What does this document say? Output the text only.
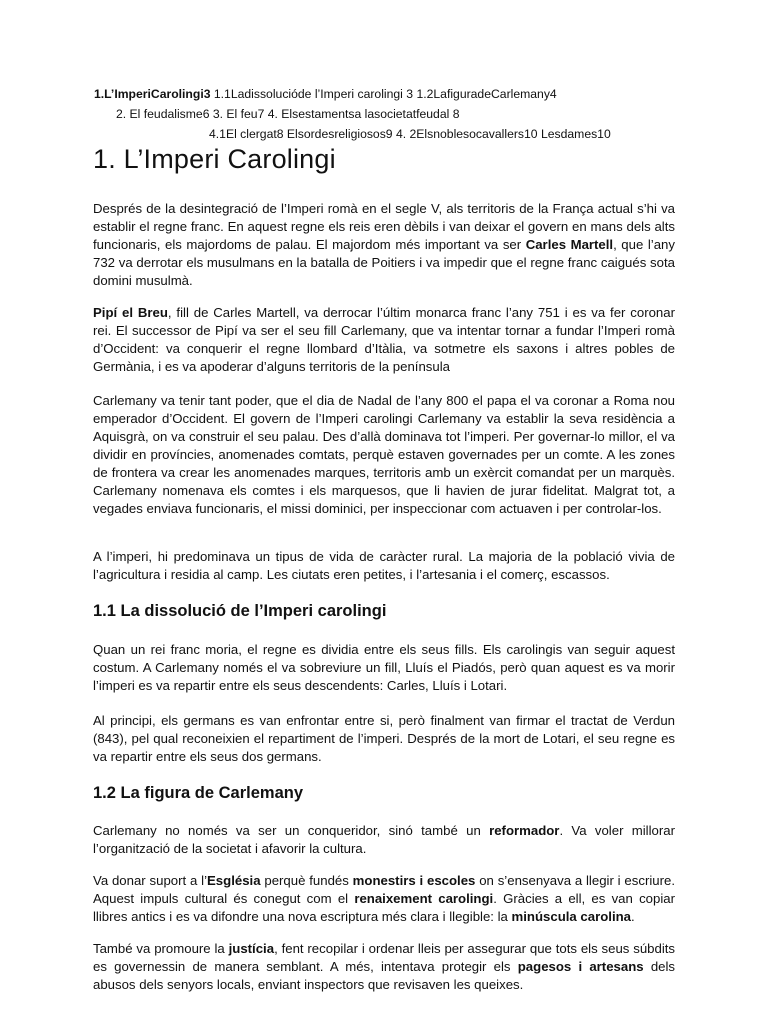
1.L’ImperiCarolingi3 1.1Ladissolucióde l’Imperi carolingi 3 1.2LafiguradeCarlemany4
2. El feudalisme6 3. El feu7 4. Elsestamentsa lasocietatfeudal 8
4.1El clergat8 Elsordesreligiosos9 4. 2Elsnoblesocavallers10 Lesdames10
1. L’Imperi Carolingi

Després de la desintegració de l’Imperi romà en el segle V, als territoris de la França actual s’hi va establir el regne franc. En aquest regne els reis eren dèbils i van deixar el govern en mans dels alts funcionaris, els majordoms de palau. El majordom més important va ser Carles Martell, que l’any 732 va derrotar els musulmans en la batalla de Poitiers i va impedir que el regne franc caigués sota domini musulmà.

Pipí el Breu, fill de Carles Martell, va derrocar l’últim monarca franc l’any 751 i es va fer coronar rei. El successor de Pipí va ser el seu fill Carlemany, que va intentar tornar a fundar l’Imperi romà d’Occident: va conquerir el regne llombard d’Itàlia, va sotmetre els saxons i altres pobles de Germània, i es va apoderar d’alguns territoris de la península

Carlemany va tenir tant poder, que el dia de Nadal de l’any 800 el papa el va coronar a Roma nou emperador d’Occident. El govern de l’Imperi carolingi Carlemany va establir la seva residència a Aquisgrà, on va construir el seu palau. Des d’allà dominava tot l’imperi. Per governar-lo millor, el va dividir en províncies, anomenades comtats, perquè estaven governades per un comte. A les zones de frontera va crear les anomenades marques, territoris amb un exèrcit comandat per un marquès. Carlemany nomenava els comtes i els marquesos, que li havien de jurar fidelitat. Malgrat tot, a vegades enviava funcionaris, el missi dominici, per inspeccionar com actuaven i per controlar-los.

A l’imperi, hi predominava un tipus de vida de caràcter rural. La majoria de la població vivia de l’agricultura i residia al camp. Les ciutats eren petites, i l’artesania i el comerç, escassos.

1.1 La dissolució de l’Imperi carolingi

Quan un rei franc moria, el regne es dividia entre els seus fills. Els carolingis van seguir aquest costum. A Carlemany només el va sobreviure un fill, Lluís el Piadós, però quan aquest es va morir l’imperi es va repartir entre els seus descendents: Carles, Lluís i Lotari.

Al principi, els germans es van enfrontar entre si, però finalment van firmar el tractat de Verdun (843), pel qual reconeixien el repartiment de l’imperi. Després de la mort de Lotari, el seu regne es va repartir entre els seus dos germans.

1.2 La figura de Carlemany

Carlemany no només va ser un conqueridor, sinó també un reformador. Va voler millorar l’organització de la societat i afavorir la cultura.

Va donar suport a l’Església perquè fundés monestirs i escoles on s’ensenyava a llegir i escriure. Aquest impuls cultural és conegut com el renaixement carolingi. Gràcies a ell, es van copiar llibres antics i es va difondre una nova escriptura més clara i llegible: la minúscula carolina.

També va promoure la justícia, fent recopilar i ordenar lleis per assegurar que tots els seus súbdits es governessin de manera semblant. A més, intentava protegir els pagesos i artesans dels abusos dels senyors locals, enviant inspectors que revisaven les queixes.
